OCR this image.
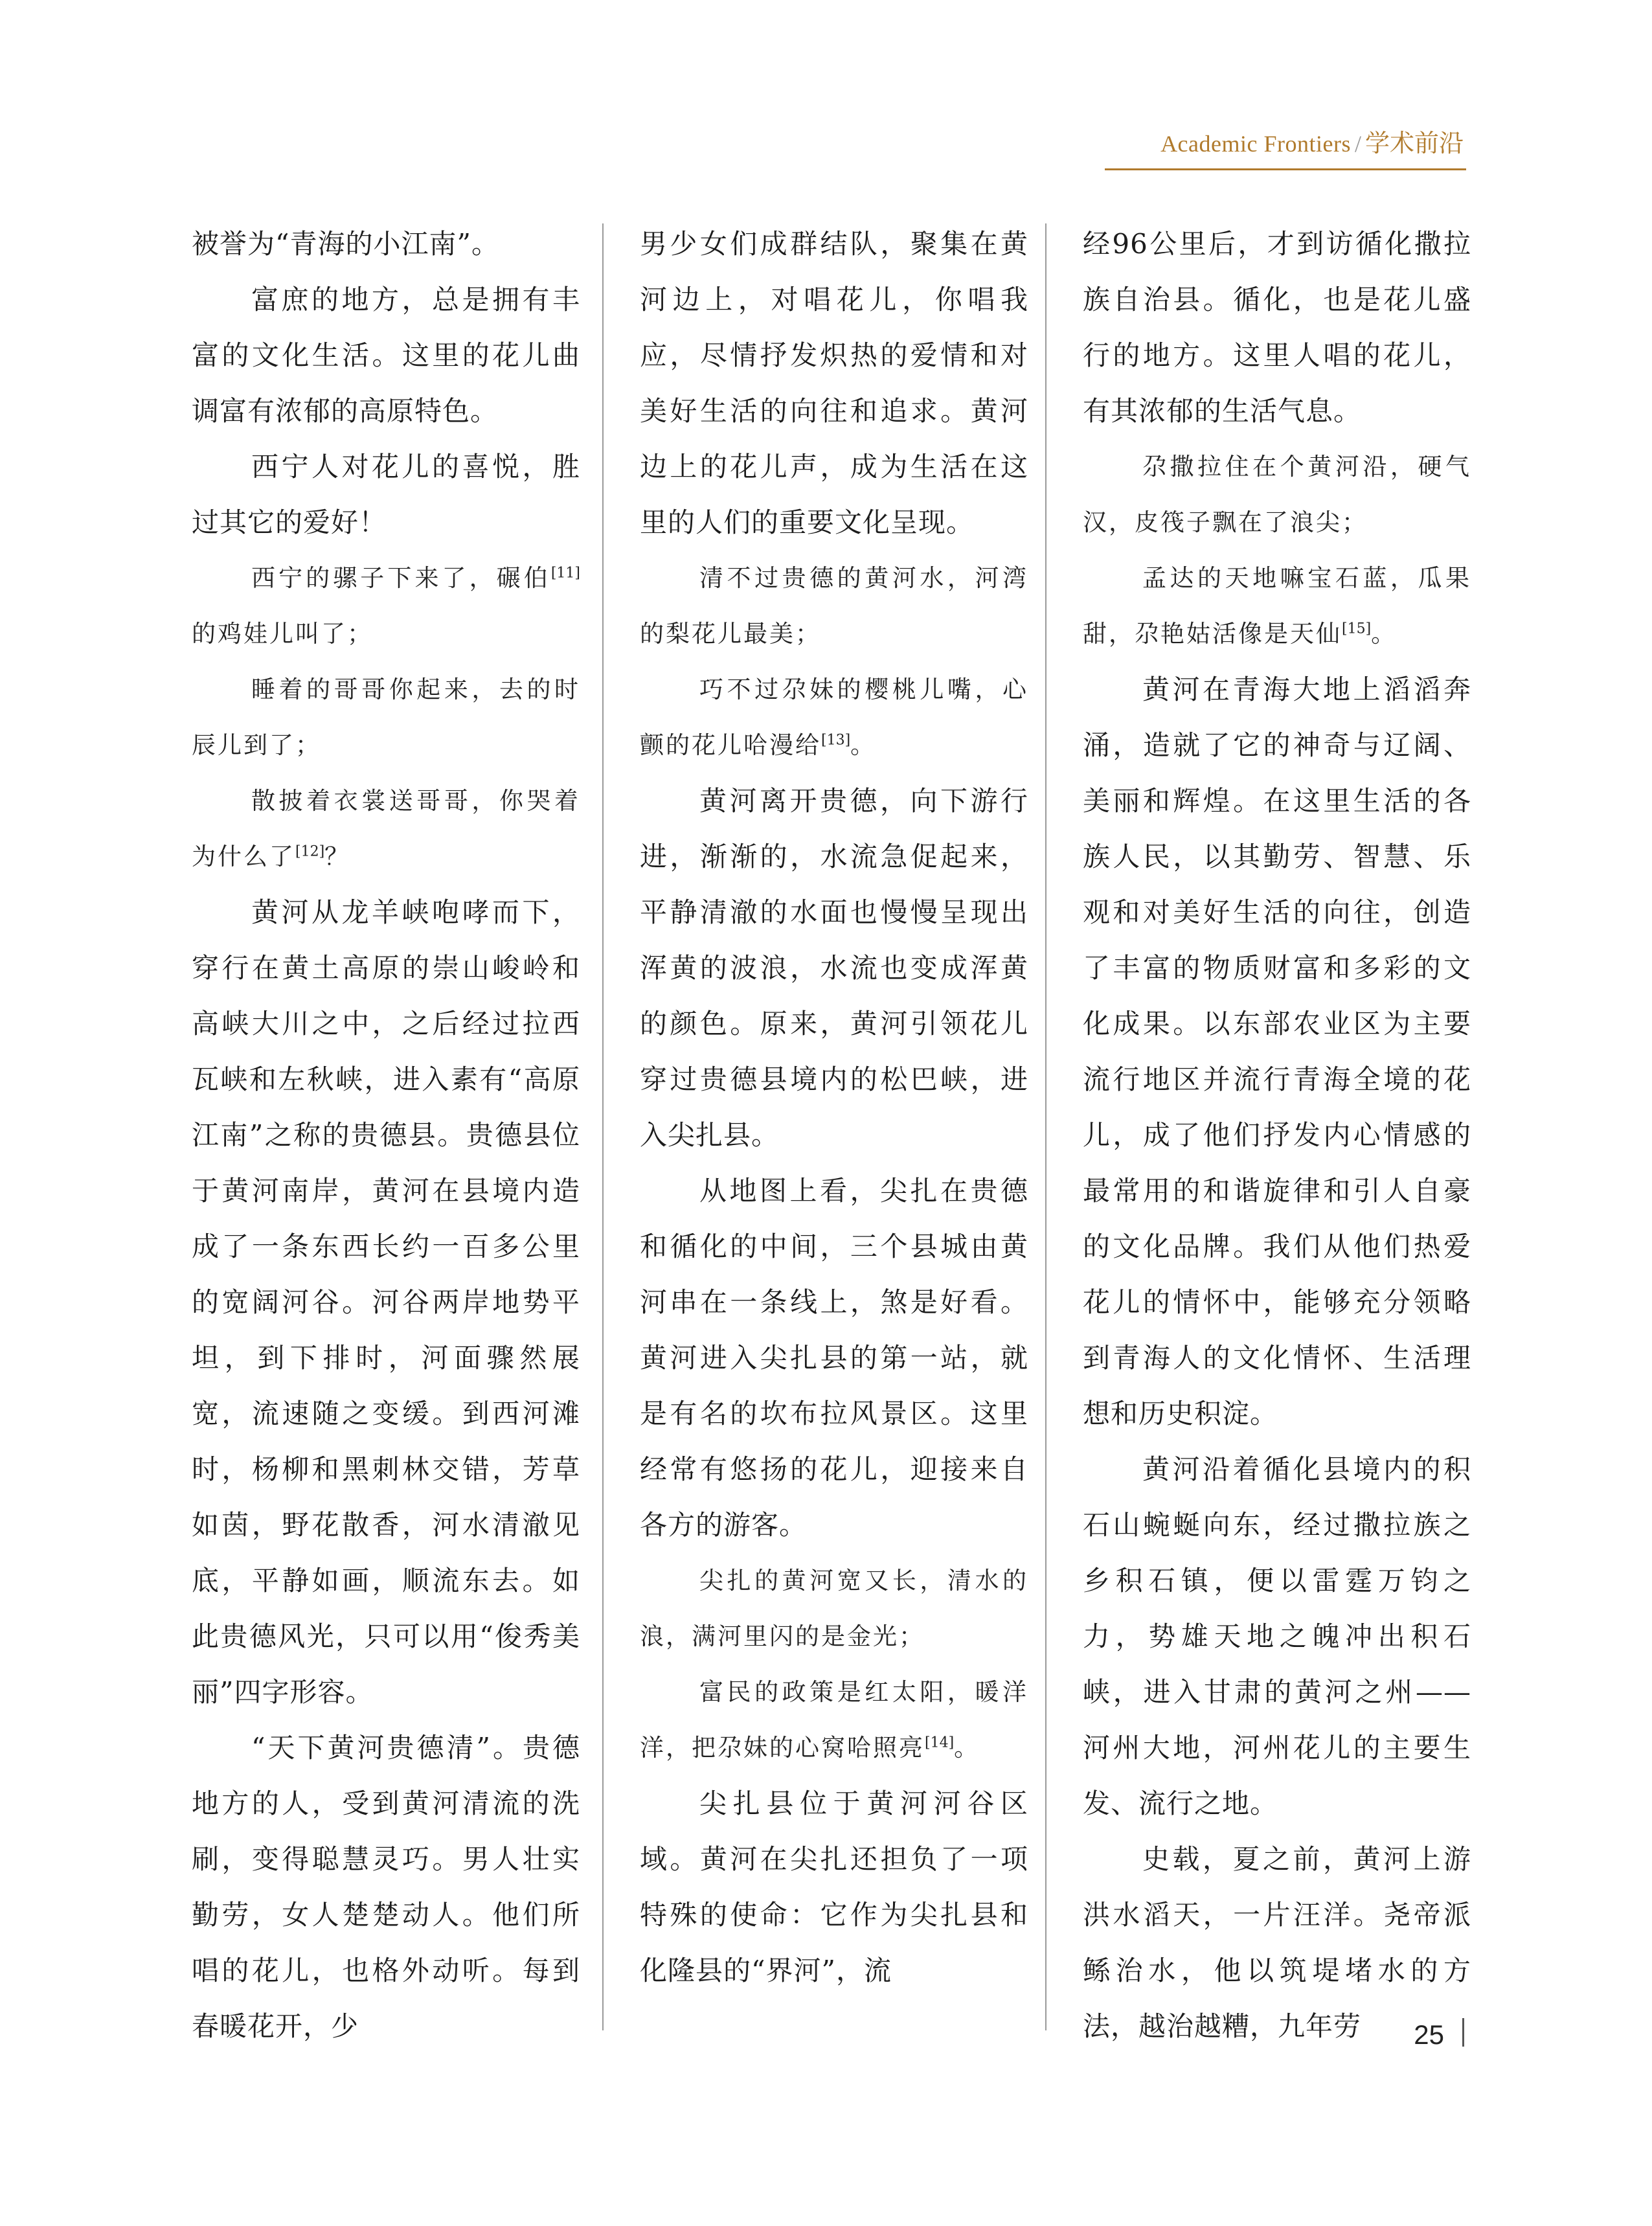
Academic Frontiers / 学术前沿

被誉为“青海的小江南”。

富庶的地方，总是拥有丰富的文化生活。这里的花儿曲调富有浓郁的高原特色。

西宁人对花儿的喜悦，胜过其它的爱好！

西宁的骡子下来了，碾伯[11]的鸡娃儿叫了；

睡着的哥哥你起来，去的时辰儿到了；

散披着衣裳送哥哥，你哭着为什么了[12]？

黄河从龙羊峡咆哮而下，穿行在黄土高原的崇山峻岭和高峡大川之中，之后经过拉西瓦峡和左秋峡，进入素有“高原江南”之称的贵德县。贵德县位于黄河南岸，黄河在县境内造成了一条东西长约一百多公里的宽阔河谷。河谷两岸地势平坦，到下排时，河面骤然展宽，流速随之变缓。到西河滩时，杨柳和黑刺林交错，芳草如茵，野花散香，河水清澈见底，平静如画，顺流东去。如此贵德风光，只可以用“俊秀美丽”四字形容。

“天下黄河贵德清”。贵德地方的人，受到黄河清流的洗刷，变得聪慧灵巧。男人壮实勤劳，女人楚楚动人。他们所唱的花儿，也格外动听。每到春暖花开，少

男少女们成群结队，聚集在黄河边上，对唱花儿，你唱我应，尽情抒发炽热的爱情和对美好生活的向往和追求。黄河边上的花儿声，成为生活在这里的人们的重要文化呈现。

清不过贵德的黄河水，河湾的梨花儿最美；

巧不过尕妹的樱桃儿嘴，心颤的花儿哈漫给[13]。

黄河离开贵德，向下游行进，渐渐的，水流急促起来，平静清澈的水面也慢慢呈现出浑黄的波浪，水流也变成浑黄的颜色。原来，黄河引领花儿穿过贵德县境内的松巴峡，进入尖扎县。

从地图上看，尖扎在贵德和循化的中间，三个县城由黄河串在一条线上，煞是好看。黄河进入尖扎县的第一站，就是有名的坎布拉风景区。这里经常有悠扬的花儿，迎接来自各方的游客。

尖扎的黄河宽又长，清水的浪，满河里闪的是金光；

富民的政策是红太阳，暖洋洋，把尕妹的心窝哈照亮[14]。

尖扎县位于黄河河谷区域。黄河在尖扎还担负了一项特殊的使命：它作为尖扎县和化隆县的“界河”，流

经96公里后，才到访循化撒拉族自治县。循化，也是花儿盛行的地方。这里人唱的花儿，有其浓郁的生活气息。

尕撒拉住在个黄河沿，硬气汉，皮筏子飘在了浪尖；

孟达的天地嘛宝石蓝，瓜果甜，尕艳姑活像是天仙[15]。

黄河在青海大地上滔滔奔涌，造就了它的神奇与辽阔、美丽和辉煌。在这里生活的各族人民，以其勤劳、智慧、乐观和对美好生活的向往，创造了丰富的物质财富和多彩的文化成果。以东部农业区为主要流行地区并流行青海全境的花儿，成了他们抒发内心情感的最常用的和谐旋律和引人自豪的文化品牌。我们从他们热爱花儿的情怀中，能够充分领略到青海人的文化情怀、生活理想和历史积淀。

黄河沿着循化县境内的积石山蜿蜒向东，经过撒拉族之乡积石镇，便以雷霆万钧之力，势雄天地之魄冲出积石峡，进入甘肃的黄河之州——河州大地，河州花儿的主要生发、流行之地。

史载，夏之前，黄河上游洪水滔天，一片汪洋。尧帝派鲧治水，他以筑堤堵水的方法，越治越糟，九年劳	25
